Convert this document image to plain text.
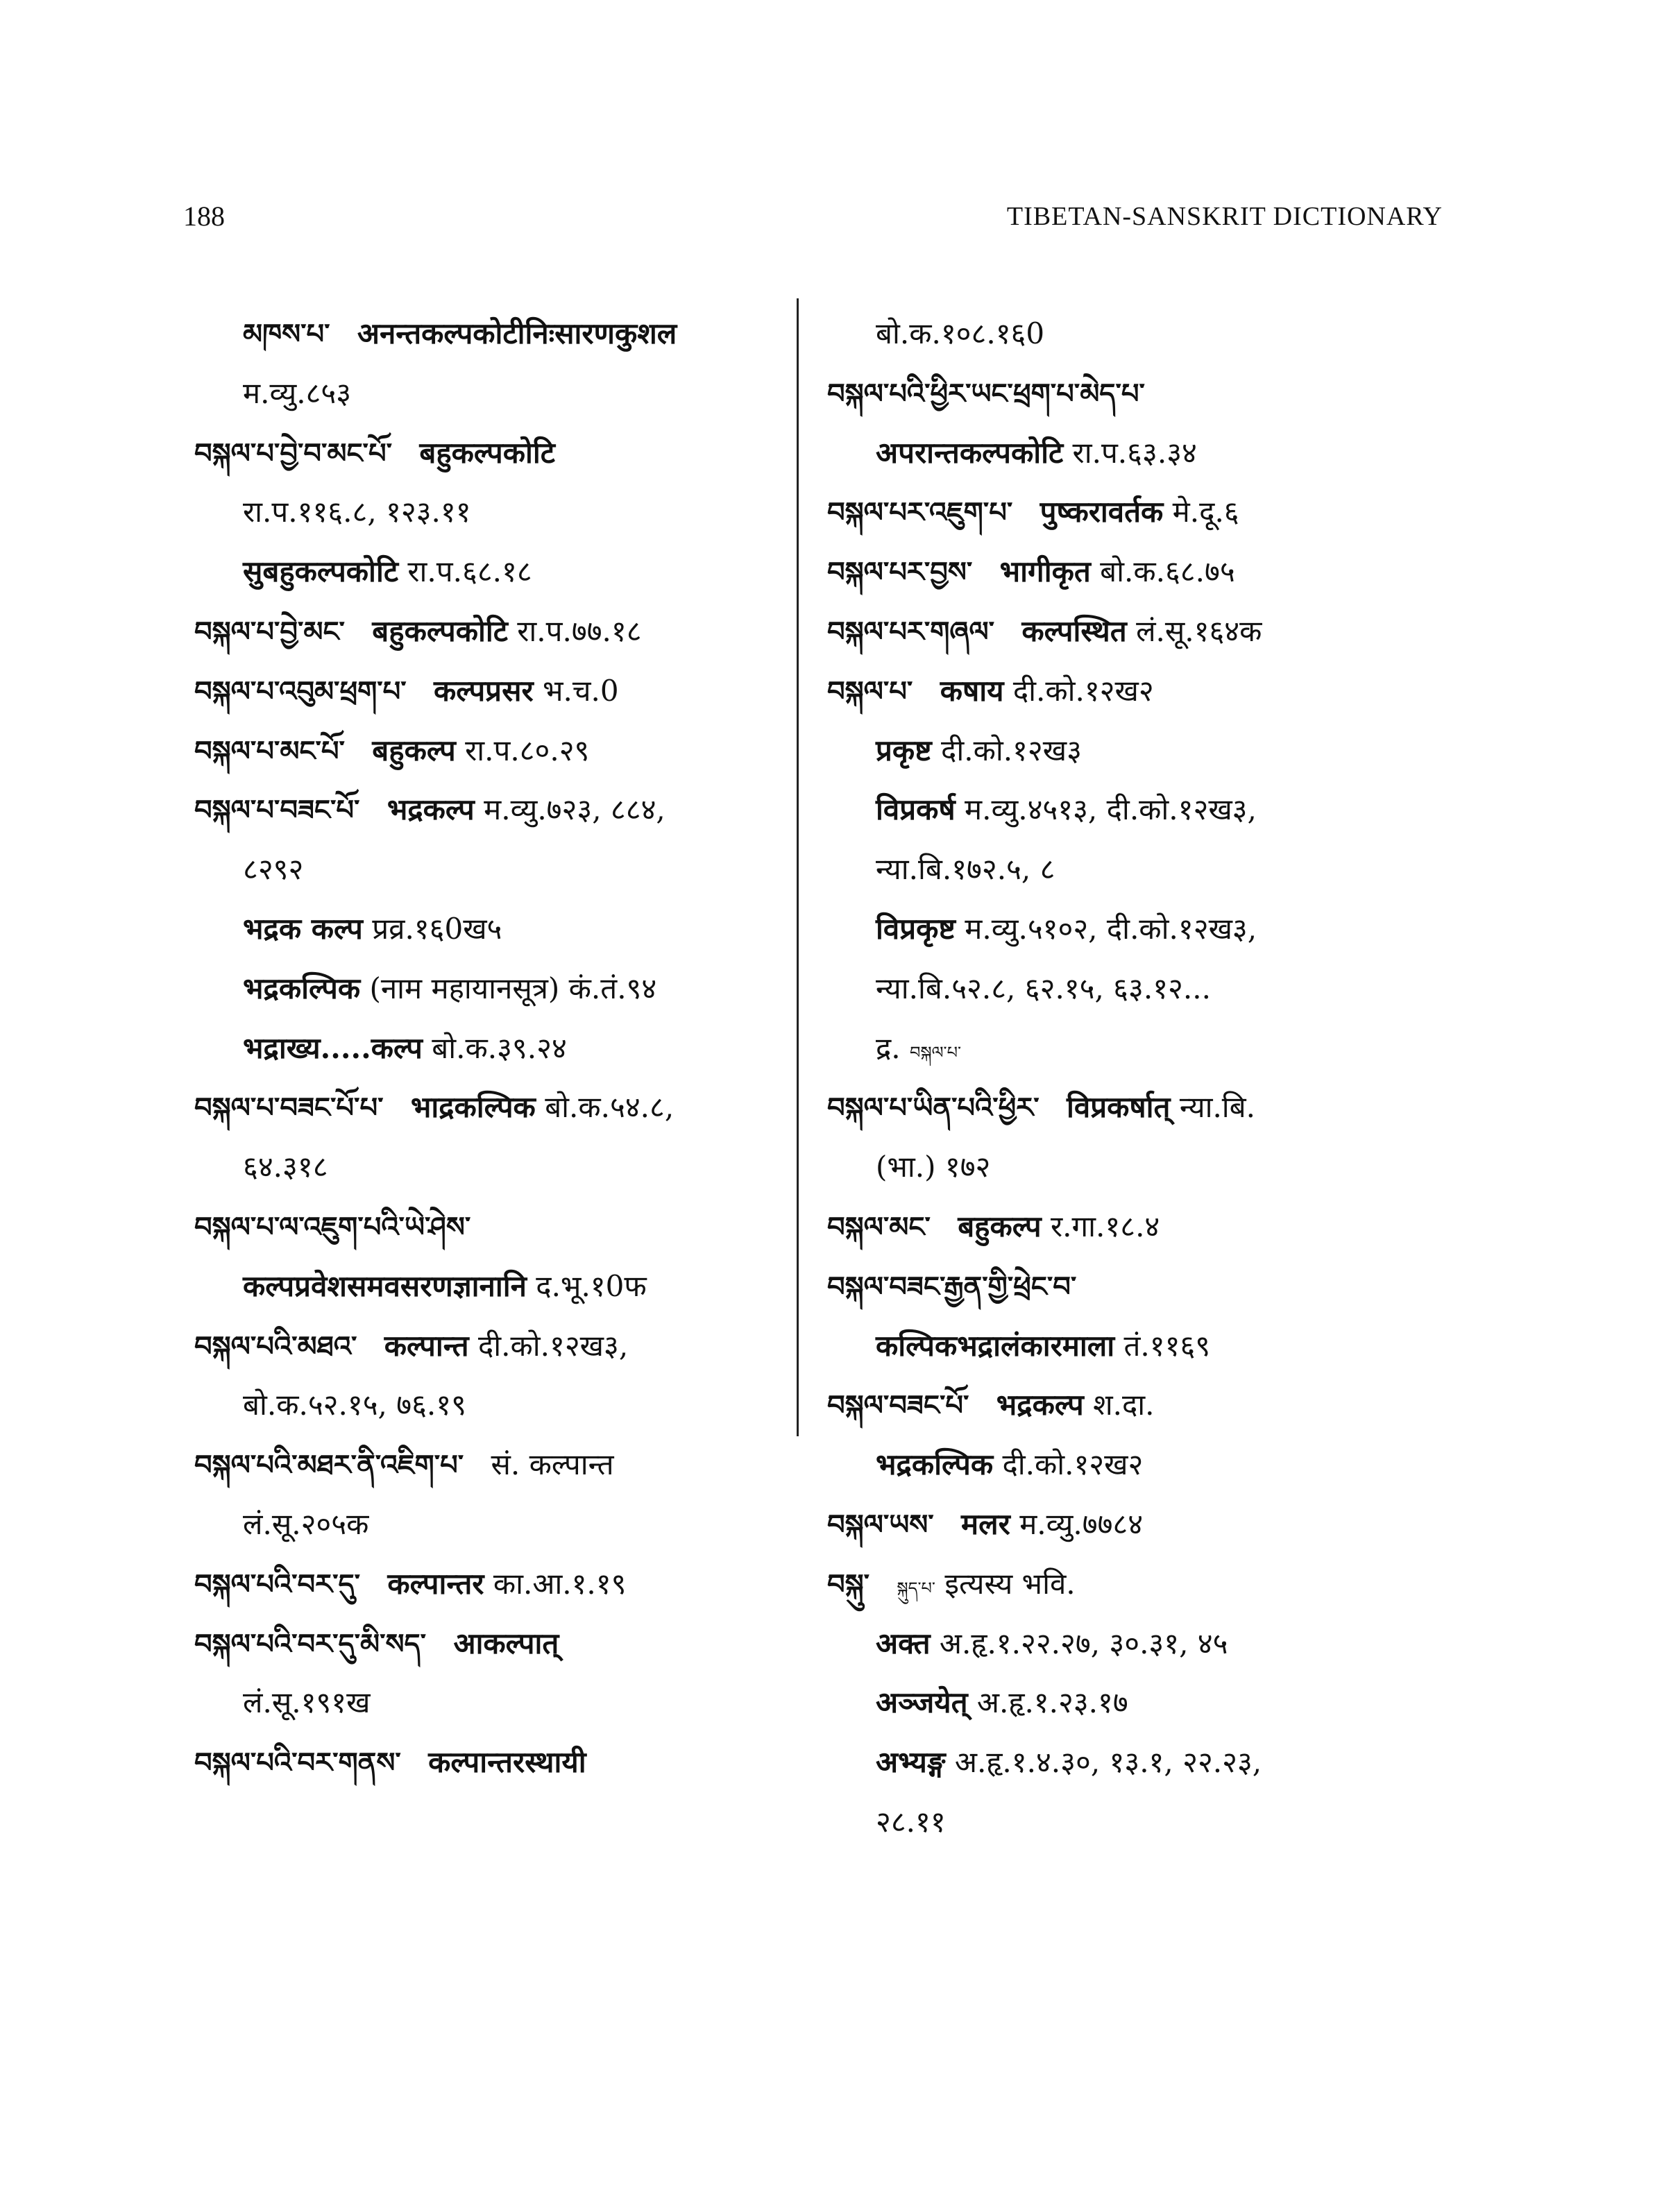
188	TIBETAN-SANSKRIT DICTIONARY
མཁས་པ་ अनन्तकल्पकोटीनिःसारणकुशल
म.व्यु.८५३
བསྐལ་པ་བྱེ་བ་མང་པོ་ बहुकल्पकोटि
रा.प.११६.८, १२३.११
सुबहुकल्पकोटि रा.प.६८.१८
བསྐལ་པ་བྱེ་མང་ बहुकल्पकोटि रा.प.७७.१८
བསྐལ་པ་འབུམ་ཕྲག་པ་ कल्पप्रसर भ.च.0
བསྐལ་པ་མང་པོ་ बहुकल्प रा.प.८०.२९
བསྐལ་པ་བཟང་པོ་ भद्रकल्प म.व्यु.७२३, ८८४,
८२९२
भद्रक कल्प प्रव्र.१६0ख५
भद्रकल्पिक (नाम महायानसूत्र) कं.तं.९४
भद्राख्य.....कल्प बो.क.३९.२४
བསྐལ་པ་བཟང་པོ་པ་ भाद्रकल्पिक बो.क.५४.८,
६४.३१८
བསྐལ་པ་ལ་འཇུག་པའི་ཡེ་ཤེས་
कल्पप्रवेशसमवसरणज्ञानानि द.भू.१0फ
བསྐལ་པའི་མཐའ་ कल्पान्त दी.को.१२ख३,
बो.क.५२.१५, ७६.१९
བསྐལ་པའི་མཐར་ནི་འཇིག་པ་ सं. कल्पान्त
लं.सू.२०५क
བསྐལ་པའི་བར་དུ་ कल्पान्तर का.आ.१.१९
བསྐལ་པའི་བར་དུ་མི་སད་ आकल्पात्
लं.सू.१९१ख
བསྐལ་པའི་བར་གནས་ कल्पान्तरस्थायी
बो.क.१०८.१६0
བསྐལ་པའི་ཕྱིར་ཡང་ཕྲག་པ་མེད་པ་
अपरान्तकल्पकोटि रा.प.६३.३४
བསྐལ་པར་འཇུག་པ་ पुष्करावर्तक मे.दू.६
བསྐལ་པར་བྱས་ भागीकृत बो.क.६८.७५
བསྐལ་པར་གཞལ་ कल्पस्थित लं.सू.१६४क
བསྐལ་པ་ कषाय दी.को.१२ख२
प्रकृष्ट दी.को.१२ख३
विप्रकर्ष म.व्यु.४५१३, दी.को.१२ख३,
न्या.बि.१७२.५, ८
विप्रकृष्ट म.व्यु.५१०२, दी.को.१२ख३,
न्या.बि.५२.८, ६२.१५, ६३.१२...
द्र. བསྐལ་པ་
བསྐལ་པ་ཡིན་པའི་ཕྱིར་ विप्रकर्षात् न्या.बि.
(भा.) १७२
བསྐལ་མང་ बहुकल्प र.गा.१८.४
བསྐལ་བཟང་རྒྱན་གྱི་ཕྲེང་བ་
कल्पिकभद्रालंकारमाला तं.११६९
བསྐལ་བཟང་པོ་ भद्रकल्प श.दा.
भद्रकल्पिक दी.को.१२ख२
བསྐལ་ཡས་ मलर म.व्यु.७७८४
བསྐུ་ སྐུད་པ་ इत्यस्य भवि.
अक्त अ.हृ.१.२२.२७, ३०.३१, ४५
अञ्जयेत् अ.हृ.१.२३.१७
अभ्यङ्ग अ.हृ.१.४.३०, १३.१, २२.२३,
२८.११
